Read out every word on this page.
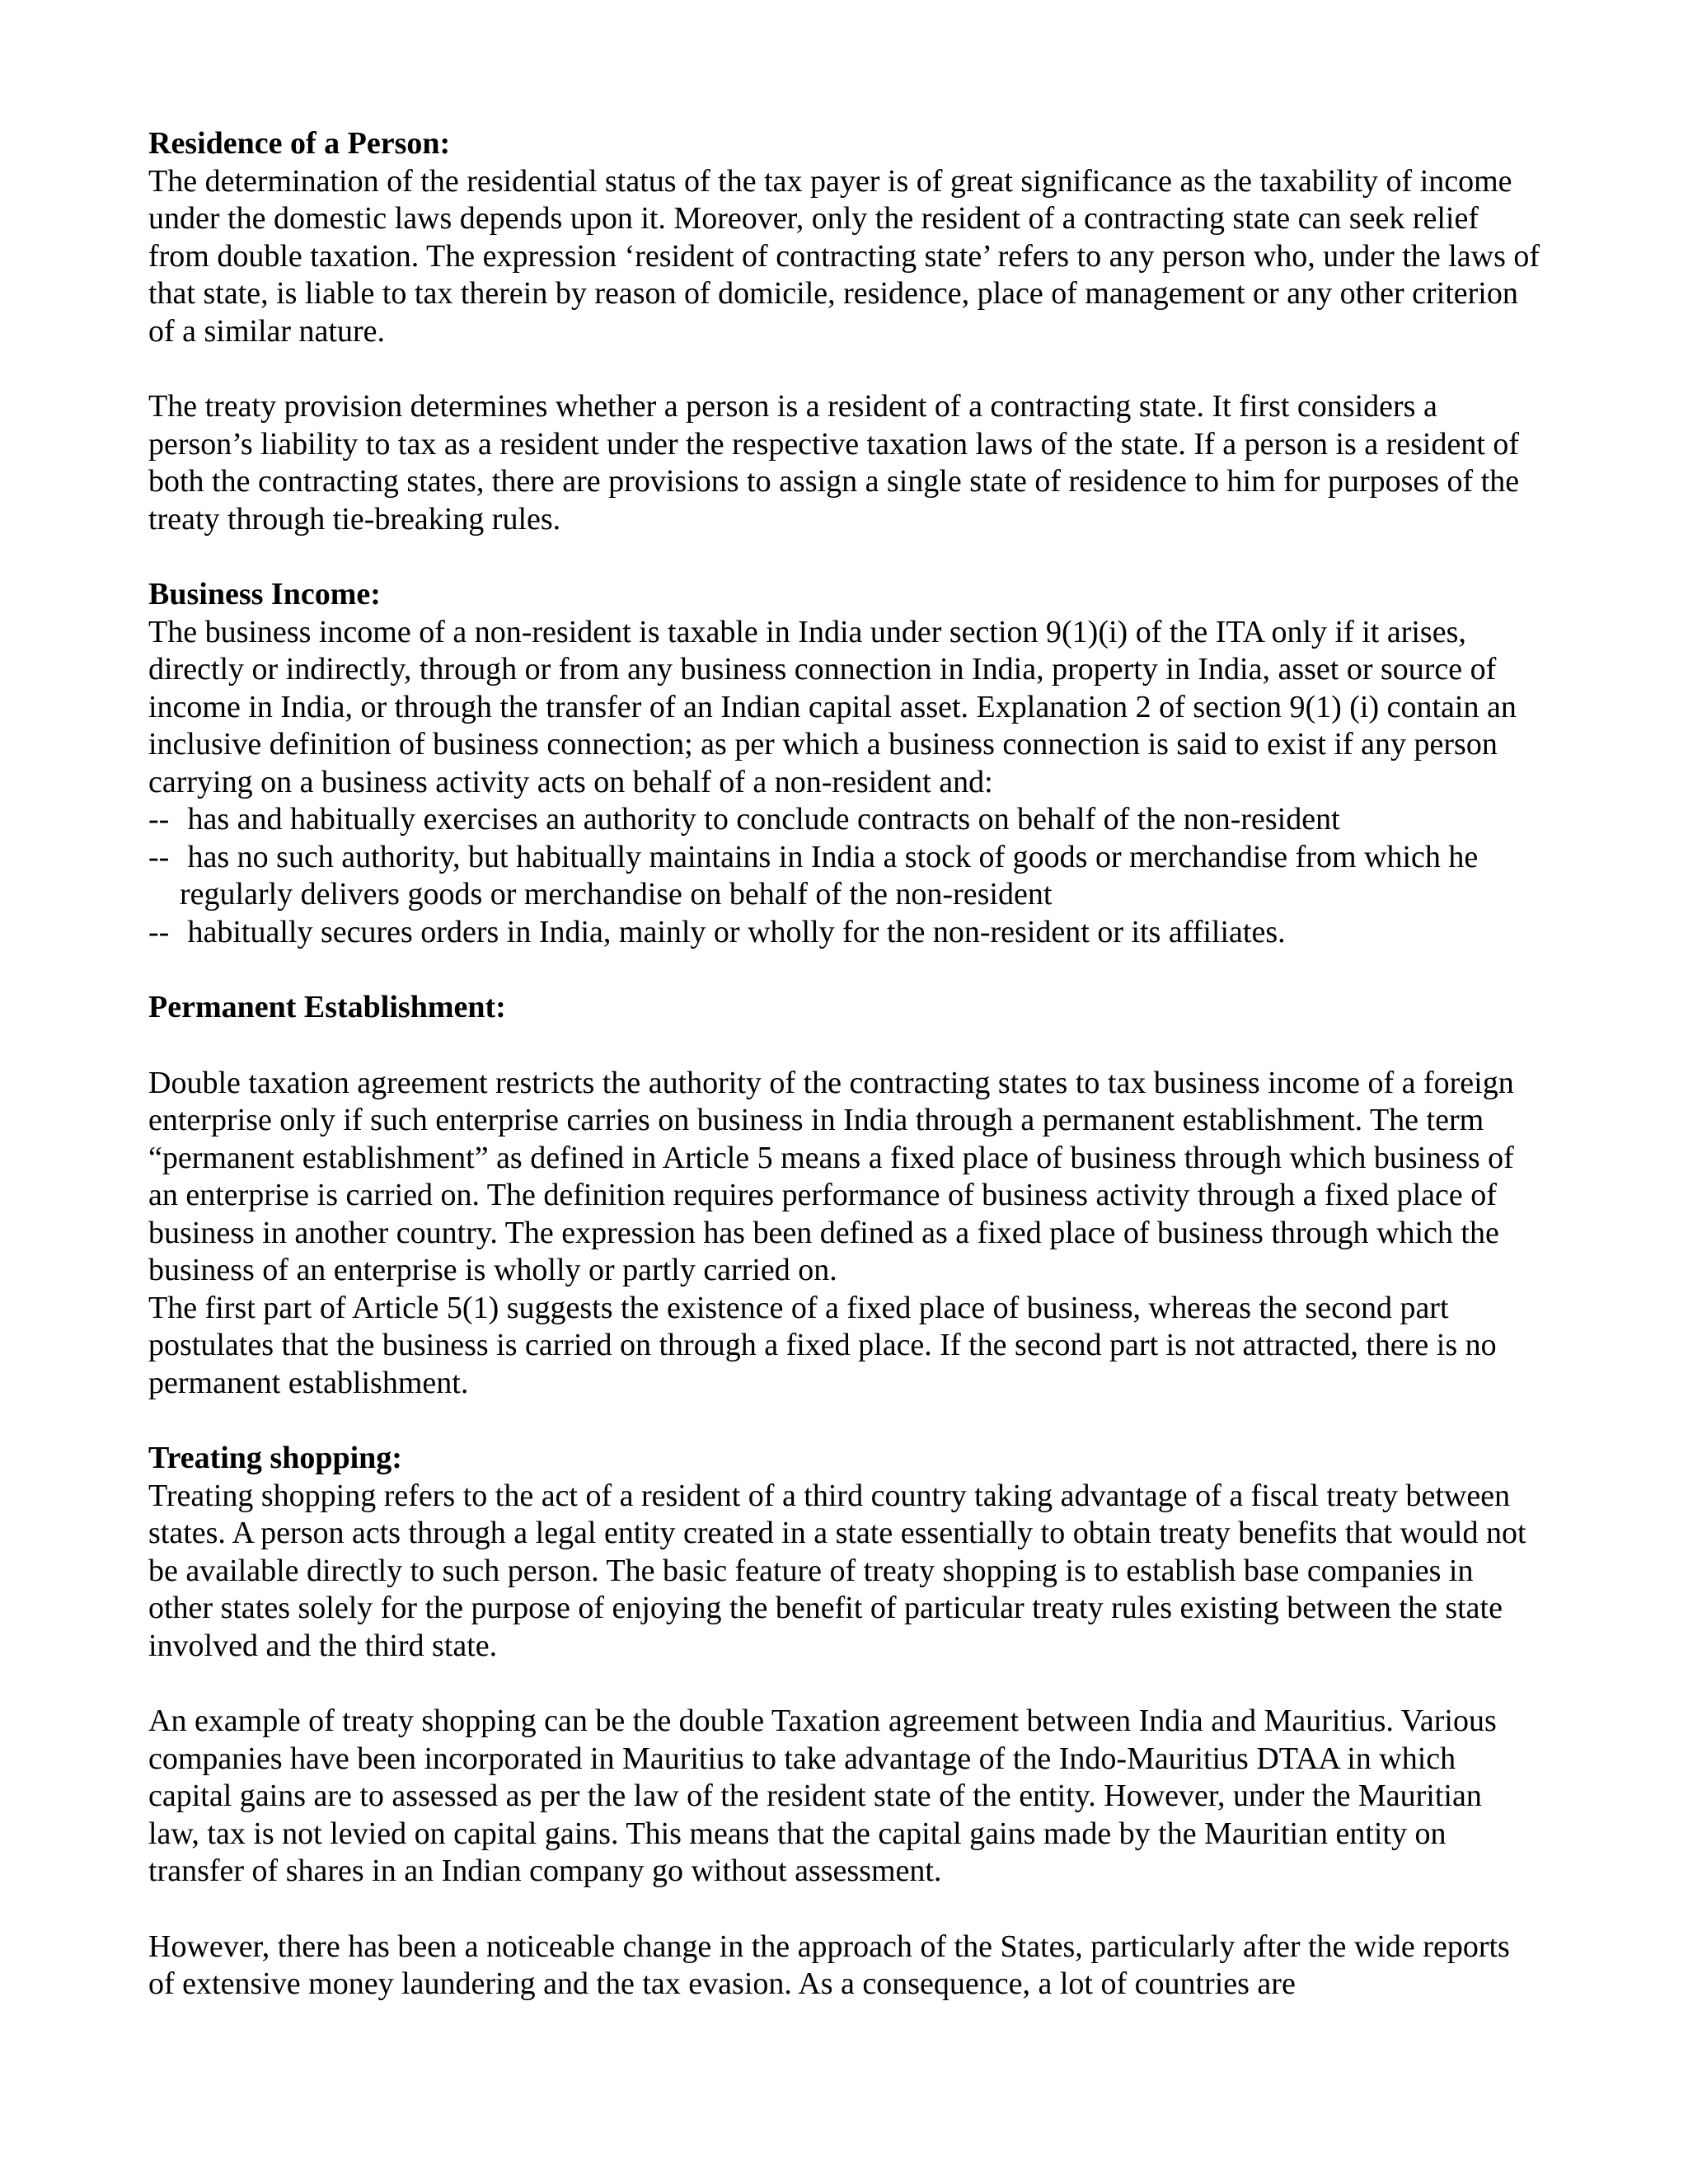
Residence of a Person:

The determination of the residential status of the tax payer is of great significance as the taxability of income under the domestic laws depends upon it. Moreover, only the resident of a contracting state can seek relief from double taxation. The expression ‘resident of contracting state’ refers to any person who, under the laws of that state, is liable to tax therein by reason of domicile, residence, place of management or any other criterion of a similar nature.

The treaty provision determines whether a person is a resident of a contracting state. It first considers a person’s liability to tax as a resident under the respective taxation laws of the state. If a person is a resident of both the contracting states, there are provisions to assign a single state of residence to him for purposes of the treaty through tie-breaking rules.

Business Income:

The business income of a non-resident is taxable in India under section 9(1)(i) of the ITA only if it arises, directly or indirectly, through or from any business connection in India, property in India, asset or source of income in India, or through the transfer of an Indian capital asset. Explanation 2 of section 9(1) (i) contain an inclusive definition of business connection; as per which a business connection is said to exist if any person carrying on a business activity acts on behalf of a non-resident and:

-- has and habitually exercises an authority to conclude contracts on behalf of the non-resident
-- has no such authority, but habitually maintains in India a stock of goods or merchandise from which he regularly delivers goods or merchandise on behalf of the non-resident
-- habitually secures orders in India, mainly or wholly for the non-resident or its affiliates.

Permanent Establishment:

Double taxation agreement restricts the authority of the contracting states to tax business income of a foreign enterprise only if such enterprise carries on business in India through a permanent establishment. The term “permanent establishment” as defined in Article 5 means a fixed place of business through which business of an enterprise is carried on. The definition requires performance of business activity through a fixed place of business in another country. The expression has been defined as a fixed place of business through which the business of an enterprise is wholly or partly carried on.

The first part of Article 5(1) suggests the existence of a fixed place of business, whereas the second part postulates that the business is carried on through a fixed place. If the second part is not attracted, there is no permanent establishment.

Treating shopping:

Treating shopping refers to the act of a resident of a third country taking advantage of a fiscal treaty between states. A person acts through a legal entity created in a state essentially to obtain treaty benefits that would not be available directly to such person. The basic feature of treaty shopping is to establish base companies in other states solely for the purpose of enjoying the benefit of particular treaty rules existing between the state involved and the third state.

An example of treaty shopping can be the double Taxation agreement between India and Mauritius. Various companies have been incorporated in Mauritius to take advantage of the Indo-Mauritius DTAA in which capital gains are to assessed as per the law of the resident state of the entity. However, under the Mauritian law, tax is not levied on capital gains. This means that the capital gains made by the Mauritian entity on transfer of shares in an Indian company go without assessment.

However, there has been a noticeable change in the approach of the States, particularly after the wide reports of extensive money laundering and the tax evasion. As a consequence, a lot of countries are
